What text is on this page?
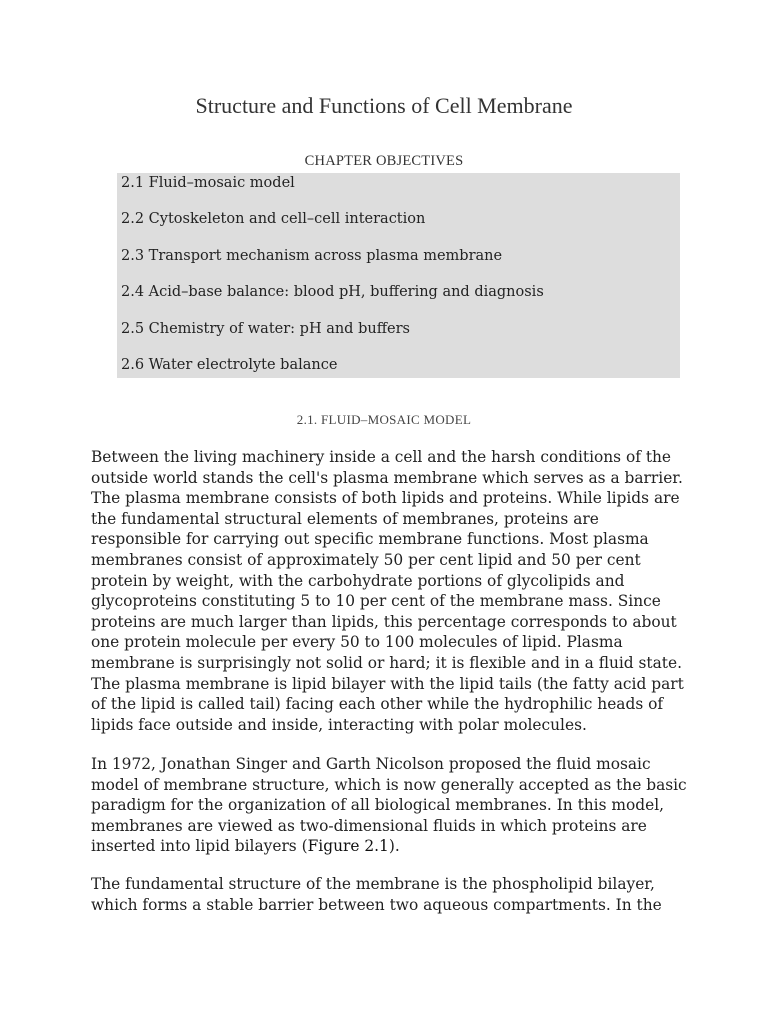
Structure and Functions of Cell Membrane
CHAPTER OBJECTIVES
2.1 Fluid–mosaic model
2.2 Cytoskeleton and cell–cell interaction
2.3 Transport mechanism across plasma membrane
2.4 Acid–base balance: blood pH, buffering and diagnosis
2.5 Chemistry of water: pH and buffers
2.6 Water electrolyte balance
2.1. FLUID–MOSAIC MODEL

Between the living machinery inside a cell and the harsh conditions of the
outside world stands the cell's plasma membrane which serves as a barrier.
The plasma membrane consists of both lipids and proteins. While lipids are
the fundamental structural elements of membranes, proteins are
responsible for carrying out specific membrane functions. Most plasma
membranes consist of approximately 50 per cent lipid and 50 per cent
protein by weight, with the carbohydrate portions of glycolipids and
glycoproteins constituting 5 to 10 per cent of the membrane mass. Since
proteins are much larger than lipids, this percentage corresponds to about
one protein molecule per every 50 to 100 molecules of lipid. Plasma
membrane is surprisingly not solid or hard; it is flexible and in a fluid state.
The plasma membrane is lipid bilayer with the lipid tails (the fatty acid part
of the lipid is called tail) facing each other while the hydrophilic heads of
lipids face outside and inside, interacting with polar molecules.

In 1972, Jonathan Singer and Garth Nicolson proposed the fluid mosaic
model of membrane structure, which is now generally accepted as the basic
paradigm for the organization of all biological membranes. In this model,
membranes are viewed as two-dimensional fluids in which proteins are
inserted into lipid bilayers (Figure 2.1).

The fundamental structure of the membrane is the phospholipid bilayer,
which forms a stable barrier between two aqueous compartments. In the
